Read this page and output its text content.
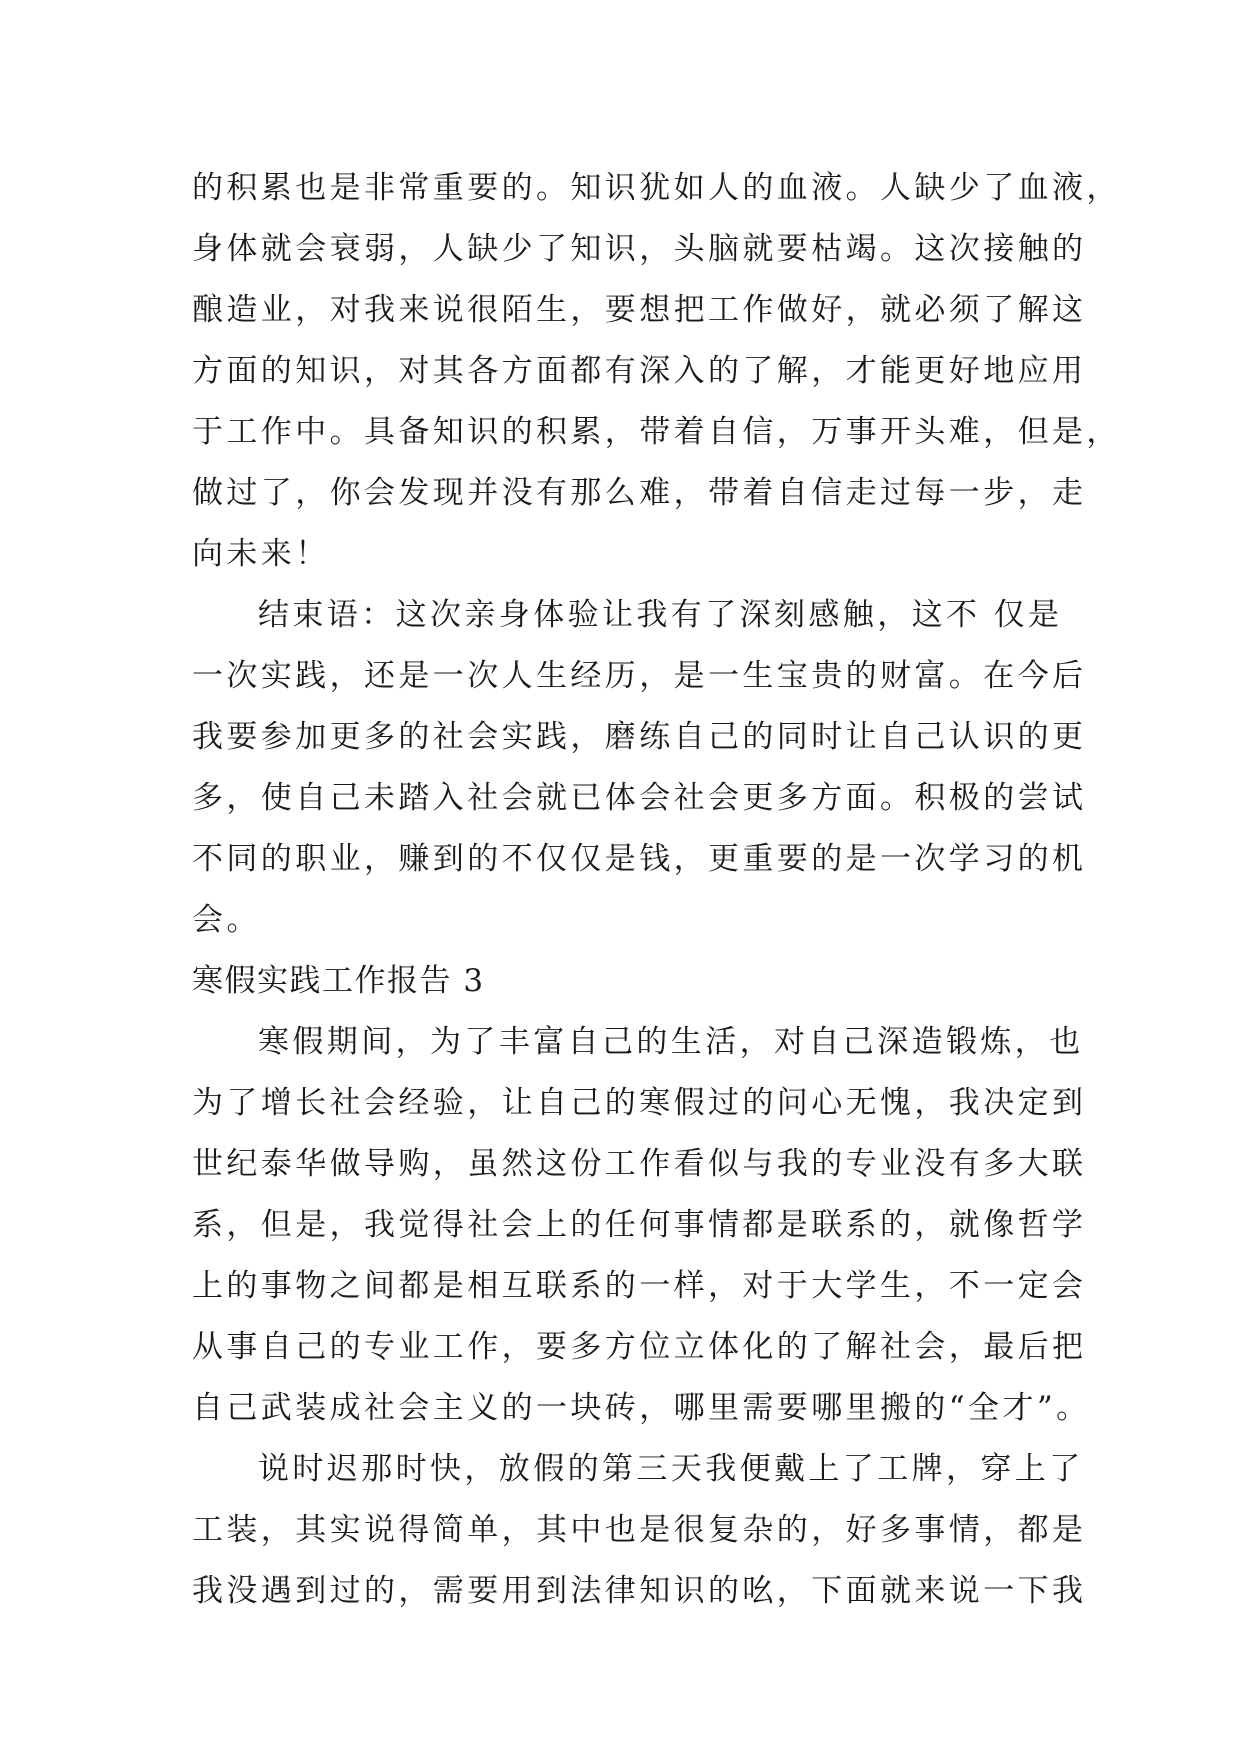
的积累也是非常重要的。知识犹如人的血液。人缺少了血液，
身体就会衰弱，人缺少了知识，头脑就要枯竭。这次接触的
酿造业，对我来说很陌生，要想把工作做好，就必须了解这
方面的知识，对其各方面都有深入的了解，才能更好地应用
于工作中。具备知识的积累，带着自信，万事开头难，但是，
做过了，你会发现并没有那么难，带着自信走过每一步，走
向未来！
结束语：这次亲身体验让我有了深刻感触，这不 仅是
一次实践，还是一次人生经历，是一生宝贵的财富。在今后
我要参加更多的社会实践，磨练自己的同时让自己认识的更
多，使自己未踏入社会就已体会社会更多方面。积极的尝试
不同的职业，赚到的不仅仅是钱，更重要的是一次学习的机
会。
寒假实践工作报告 3
寒假期间，为了丰富自己的生活，对自己深造锻炼，也
为了增长社会经验，让自己的寒假过的问心无愧，我决定到
世纪泰华做导购，虽然这份工作看似与我的专业没有多大联
系，但是，我觉得社会上的任何事情都是联系的，就像哲学
上的事物之间都是相互联系的一样，对于大学生，不一定会
从事自己的专业工作，要多方位立体化的了解社会，最后把
自己武装成社会主义的一块砖，哪里需要哪里搬的“全才”。
说时迟那时快，放假的第三天我便戴上了工牌，穿上了
工装，其实说得简单，其中也是很复杂的，好多事情，都是
我没遇到过的，需要用到法律知识的吆，下面就来说一下我
